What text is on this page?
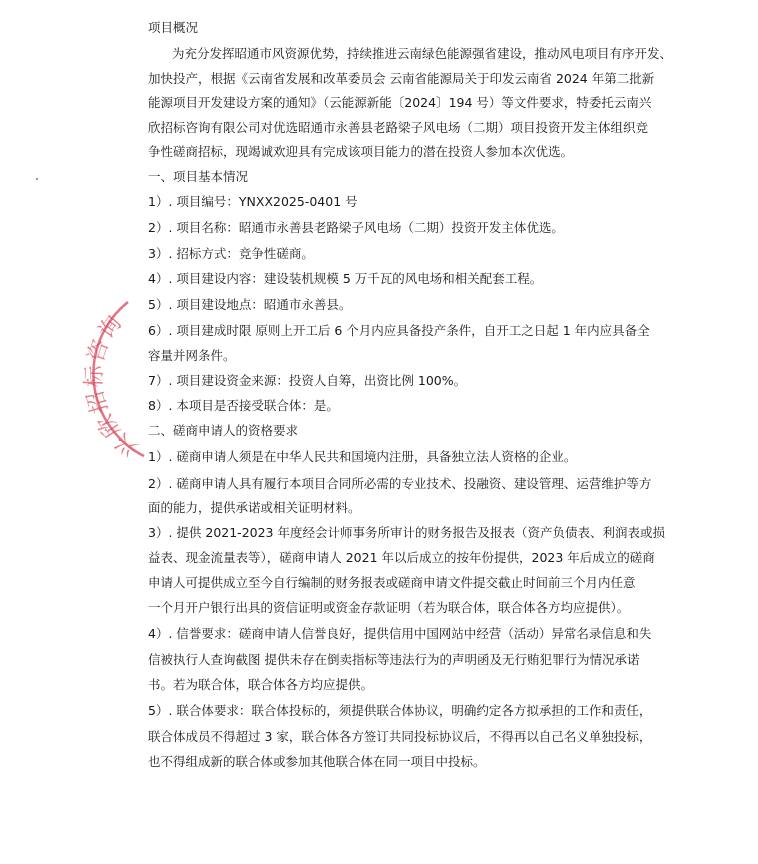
项目概况
为充分发挥昭通市风资源优势，持续推进云南绿色能源强省建设，推动风电项目有序开发、
加快投产，根据《云南省发展和改革委员会 云南省能源局关于印发云南省 2024 年第二批新
能源项目开发建设方案的通知》（云能源新能〔2024〕194 号）等文件要求，特委托云南兴
欣招标咨询有限公司对优选昭通市永善县老路梁子风电场（二期）项目投资开发主体组织竞
争性磋商招标，现竭诚欢迎具有完成该项目能力的潜在投资人参加本次优选。
一、项目基本情况
1）. 项目编号：YNXX2025-0401 号
2）. 项目名称：昭通市永善县老路梁子风电场（二期）投资开发主体优选。
3）. 招标方式：竞争性磋商。
4）. 项目建设内容：建设装机规模 5 万千瓦的风电场和相关配套工程。
5）. 项目建设地点：昭通市永善县。
6）. 项目建成时限 原则上开工后 6 个月内应具备投产条件，自开工之日起 1 年内应具备全
容量并网条件。
7）. 项目建设资金来源：投资人自筹，出资比例 100%。
8）. 本项目是否接受联合体：是。
二、磋商申请人的资格要求
1）. 磋商申请人须是在中华人民共和国境内注册，具备独立法人资格的企业。
2）. 磋商申请人具有履行本项目合同所必需的专业技术、投融资、建设管理、运营维护等方
面的能力，提供承诺或相关证明材料。
3）. 提供 2021-2023 年度经会计师事务所审计的财务报告及报表（资产负债表、利润表或损
益表、现金流量表等），磋商申请人 2021 年以后成立的按年份提供，2023 年后成立的磋商
申请人可提供成立至今自行编制的财务报表或磋商申请文件提交截止时间前三个月内任意
一个月开户银行出具的资信证明或资金存款证明（若为联合体，联合体各方均应提供）。
4）. 信誉要求：磋商申请人信誉良好，提供信用中国网站中经营（活动）异常名录信息和失
信被执行人查询截图 提供未存在倒卖指标等违法行为的声明函及无行贿犯罪行为情况承诺
书。若为联合体，联合体各方均应提供。
5）. 联合体要求：联合体投标的，须提供联合体协议，明确约定各方拟承担的工作和责任，
联合体成员不得超过 3 家，联合体各方签订共同投标协议后，不得再以自己名义单独投标，
也不得组成新的联合体或参加其他联合体在同一项目中投标。
兴欣招标咨询
